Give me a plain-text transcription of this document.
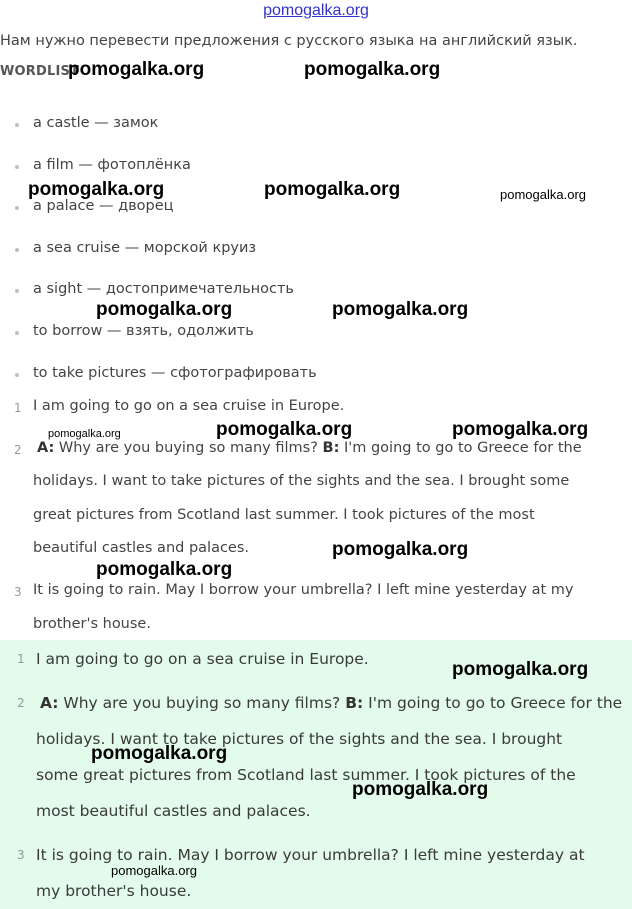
pomogalka.org
Нам нужно перевести предложения с русского языка на английский язык.
WORDLIST
a castle — замок
a film — фотоплёнка
a palace — дворец
a sea cruise — морской круиз
a sight — достопримечательность
to borrow — взять, одолжить
to take pictures — сфотографировать
1 I am going to go on a sea cruise in Europe.
2 A: Why are you buying so many films? B: I'm going to go to Greece for the
holidays. I want to take pictures of the sights and the sea. I brought some
great pictures from Scotland last summer. I took pictures of the most
beautiful castles and palaces.
3 It is going to rain. May I borrow your umbrella? I left mine yesterday at my
brother's house.
1 I am going to go on a sea cruise in Europe.
2 A: Why are you buying so many films? B: I'm going to go to Greece for the
holidays. I want to take pictures of the sights and the sea. I brought
some great pictures from Scotland last summer. I took pictures of the
most beautiful castles and palaces.
3 It is going to rain. May I borrow your umbrella? I left mine yesterday at
my brother's house.
pomogalka.org	pomogalka.org
pomogalka.org	pomogalka.org	pomogalka.org
pomogalka.org	pomogalka.org
pomogalka.org	pomogalka.org	pomogalka.org
pomogalka.org
pomogalka.org
pomogalka.org
pomogalka.org
pomogalka.org
pomogalka.org
